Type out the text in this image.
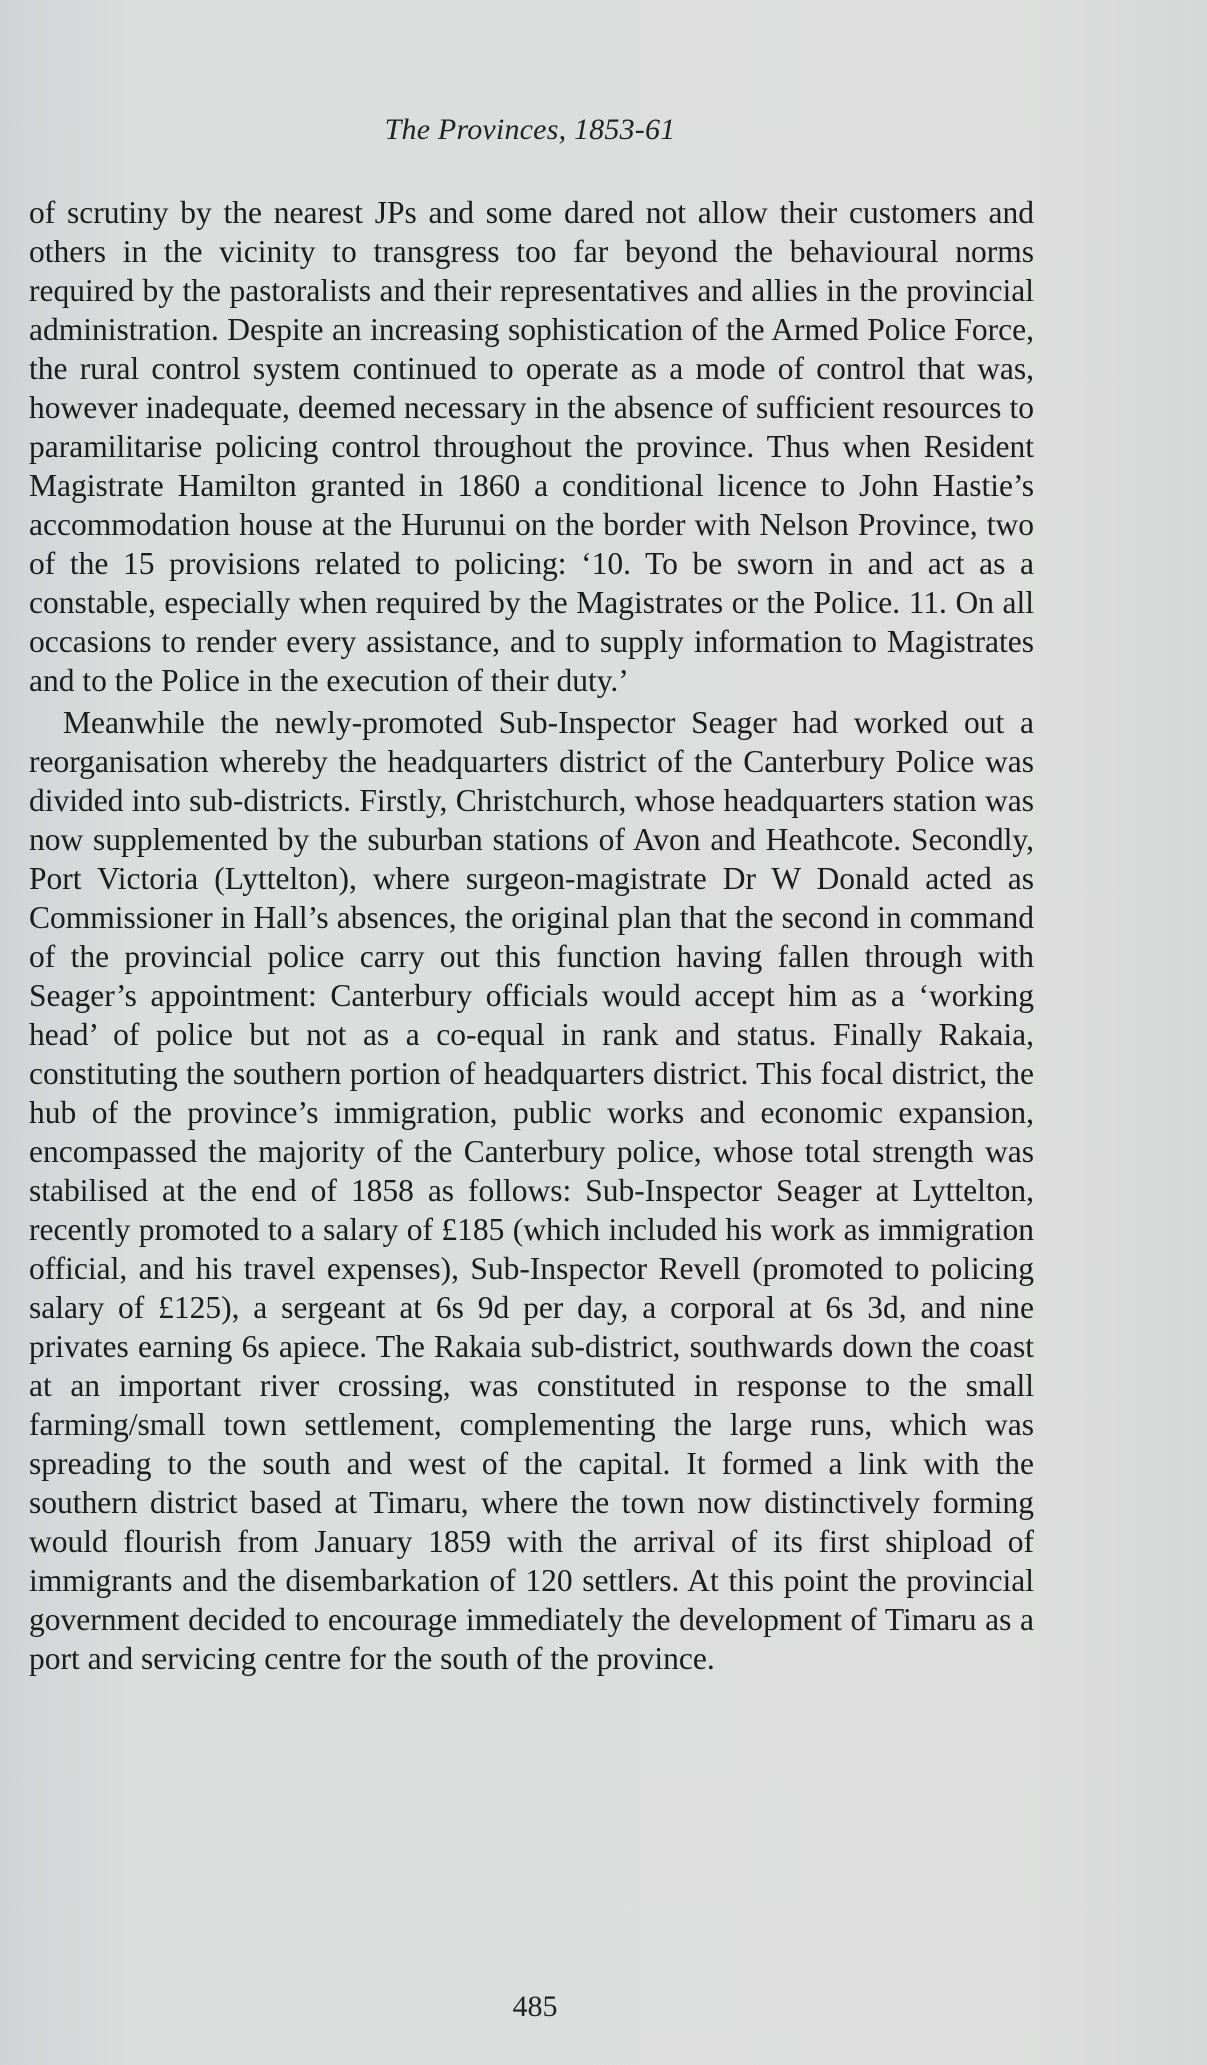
The Provinces, 1853-61

of scrutiny by the nearest JPs and some dared not allow their customers and others in the vicinity to transgress too far beyond the behavioural norms required by the pastoralists and their representatives and allies in the provincial administration. Despite an increasing sophistication of the Armed Police Force, the rural control system continued to operate as a mode of control that was, however inadequate, deemed necessary in the absence of sufficient resources to paramilitarise policing control throughout the province. Thus when Resident Magistrate Hamilton granted in 1860 a conditional licence to John Hastie’s accommodation house at the Hurunui on the border with Nelson Province, two of the 15 provisions related to policing: ‘10. To be sworn in and act as a constable, especially when required by the Magistrates or the Police. 11. On all occasions to render every assistance, and to supply information to Magistrates and to the Police in the execution of their duty.’

Meanwhile the newly-promoted Sub-Inspector Seager had worked out a reorganisation whereby the headquarters district of the Canterbury Police was divided into sub-districts. Firstly, Christchurch, whose headquarters station was now supplemented by the suburban stations of Avon and Heathcote. Secondly, Port Victoria (Lyttelton), where surgeon-magistrate Dr W Donald acted as Commissioner in Hall’s absences, the original plan that the second in command of the provincial police carry out this function having fallen through with Seager’s appointment: Canterbury officials would accept him as a ‘working head’ of police but not as a co-equal in rank and status. Finally Rakaia, constituting the southern portion of headquarters district. This focal district, the hub of the province’s immigration, public works and economic expansion, encompassed the majority of the Canterbury police, whose total strength was stabilised at the end of 1858 as follows: Sub-Inspector Seager at Lyttelton, recently promoted to a salary of £185 (which included his work as immigration official, and his travel expenses), Sub-Inspector Revell (promoted to policing salary of £125), a sergeant at 6s 9d per day, a corporal at 6s 3d, and nine privates earning 6s apiece. The Rakaia sub-district, southwards down the coast at an important river crossing, was constituted in response to the small farming/small town settlement, complementing the large runs, which was spreading to the south and west of the capital. It formed a link with the southern district based at Timaru, where the town now distinctively forming would flourish from January 1859 with the arrival of its first shipload of immigrants and the disembarkation of 120 settlers. At this point the provincial government decided to encourage immediately the development of Timaru as a port and servicing centre for the south of the province.

485
